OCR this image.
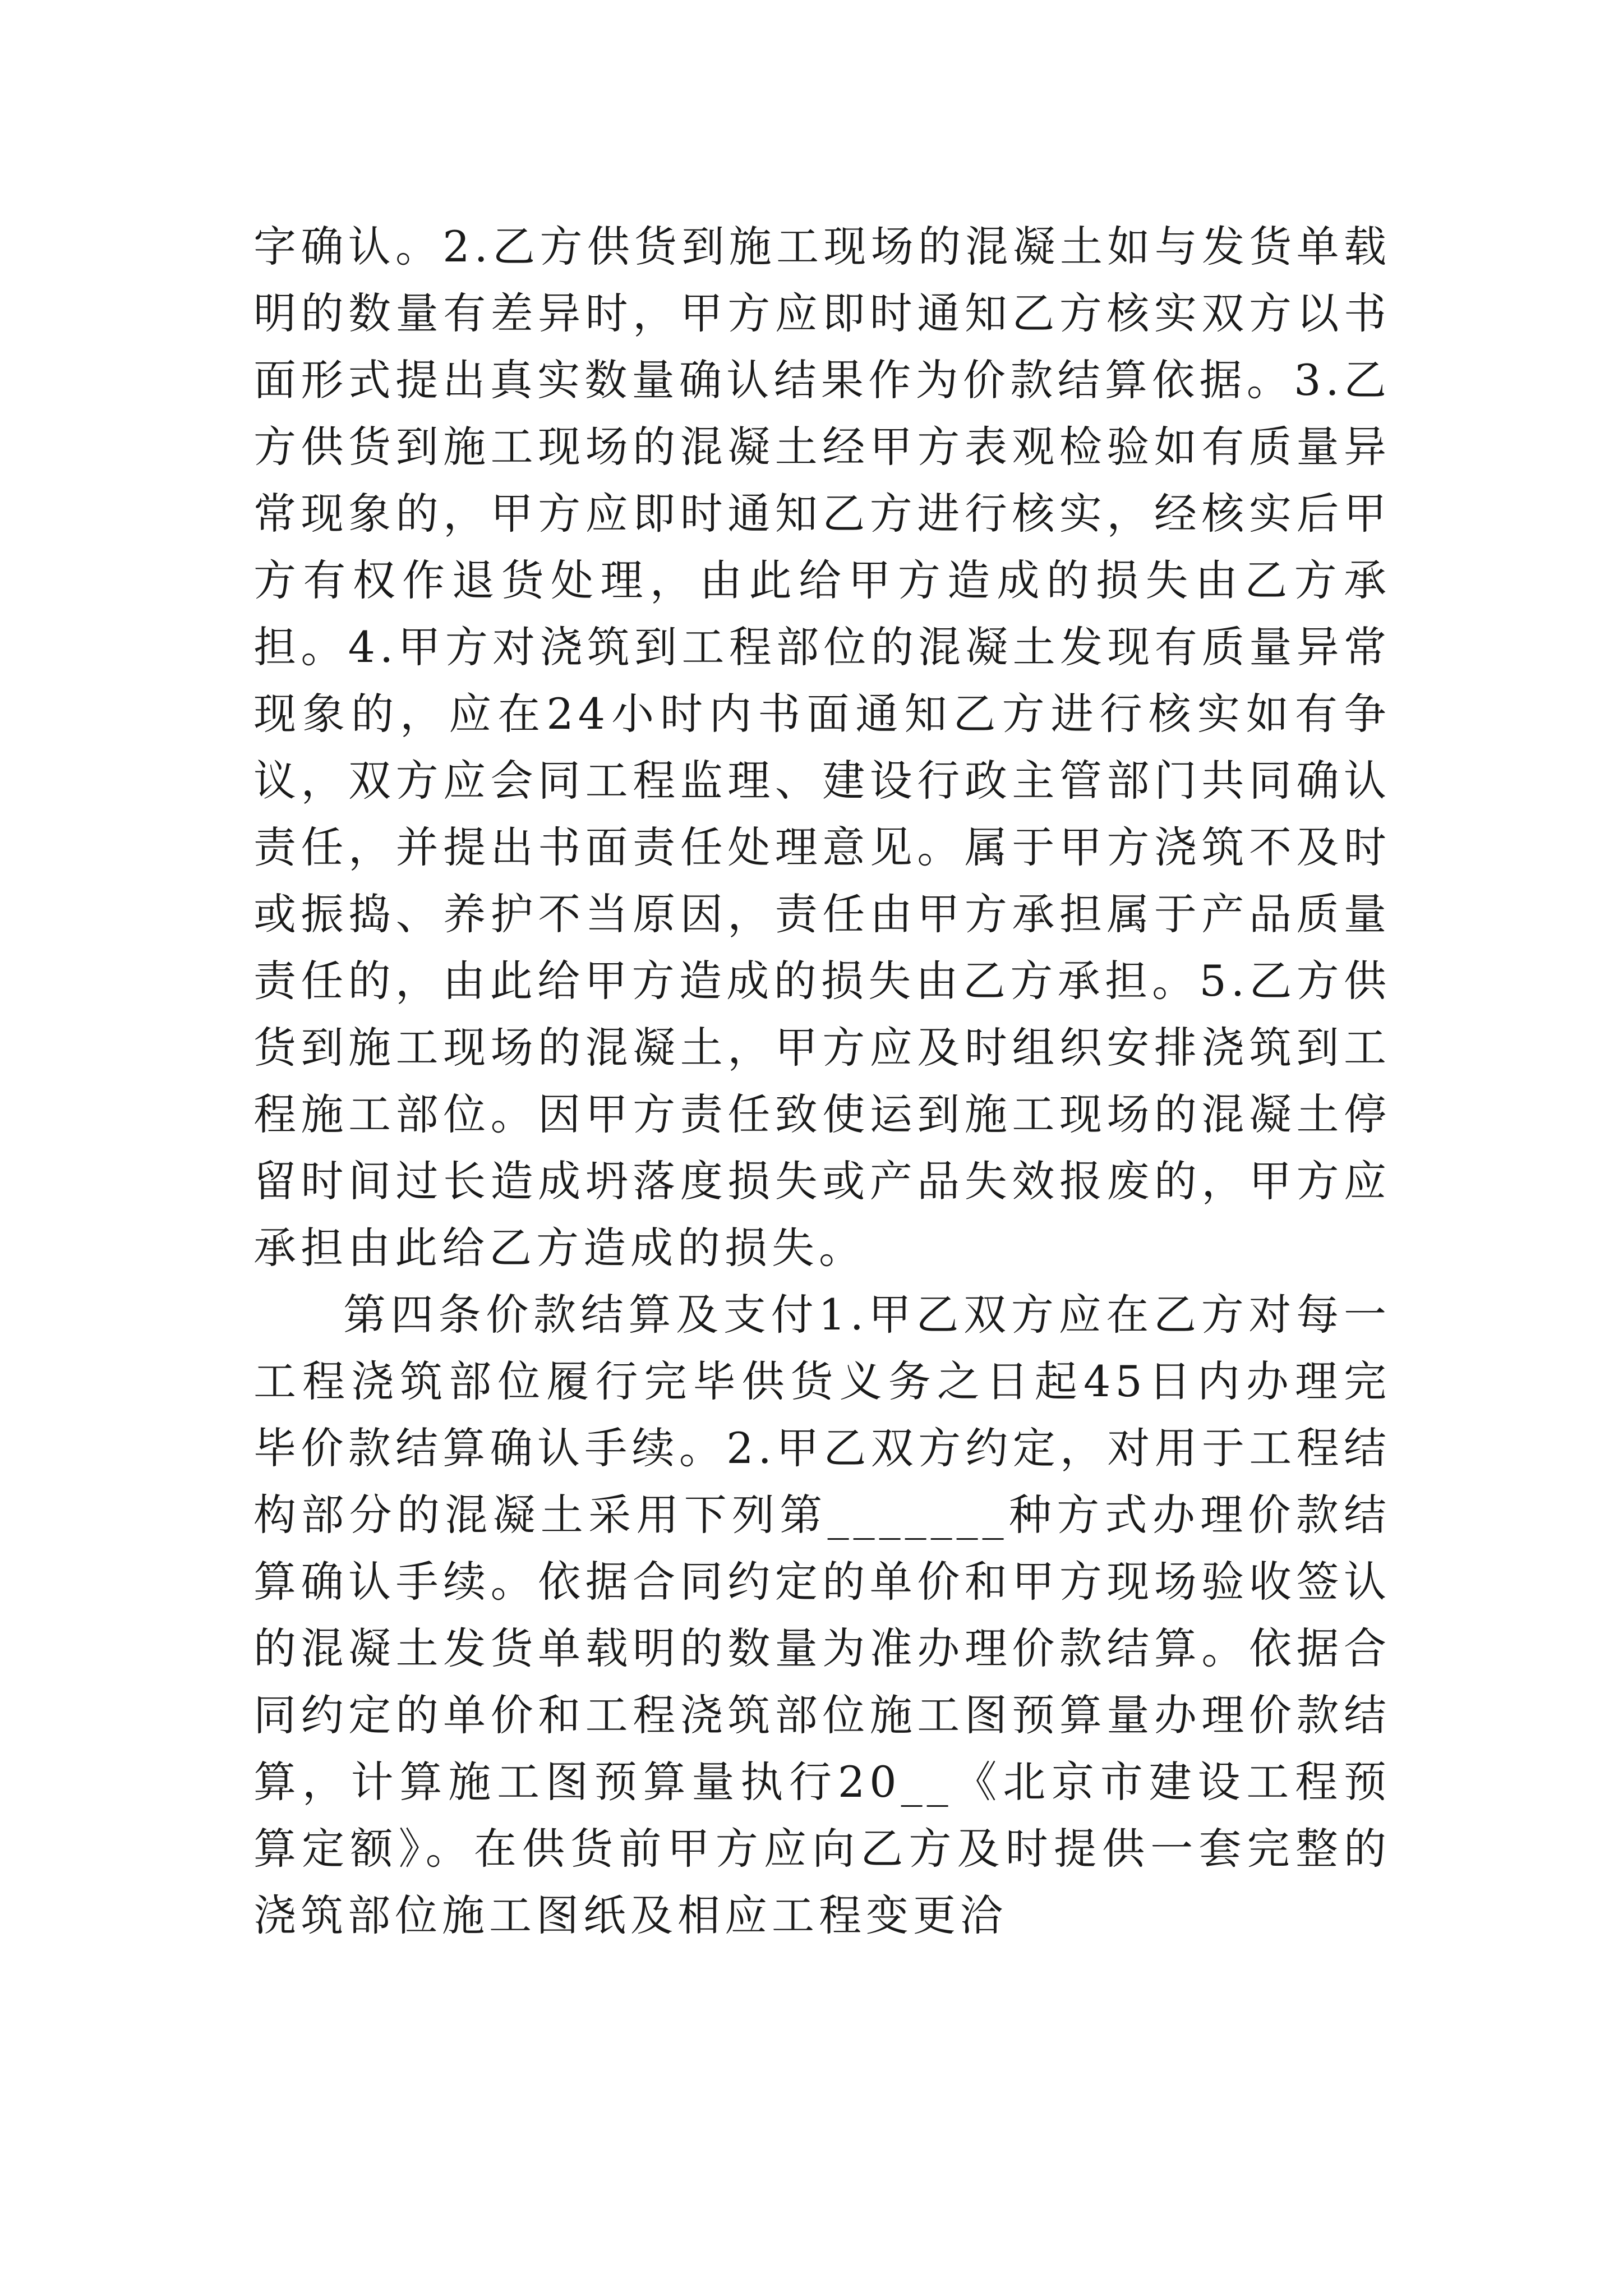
字确认。2.乙方供货到施工现场的混凝土如与发货单载明的数量有差异时，甲方应即时通知乙方核实双方以书面形式提出真实数量确认结果作为价款结算依据。3.乙方供货到施工现场的混凝土经甲方表观检验如有质量异常现象的，甲方应即时通知乙方进行核实，经核实后甲方有权作退货处理，由此给甲方造成的损失由乙方承担。4.甲方对浇筑到工程部位的混凝土发现有质量异常现象的，应在24小时内书面通知乙方进行核实如有争议，双方应会同工程监理、建设行政主管部门共同确认责任，并提出书面责任处理意见。属于甲方浇筑不及时或振捣、养护不当原因，责任由甲方承担属于产品质量责任的，由此给甲方造成的损失由乙方承担。5.乙方供货到施工现场的混凝土，甲方应及时组织安排浇筑到工程施工部位。因甲方责任致使运到施工现场的混凝土停留时间过长造成坍落度损失或产品失效报废的，甲方应承担由此给乙方造成的损失。

第四条价款结算及支付1.甲乙双方应在乙方对每一工程浇筑部位履行完毕供货义务之日起45日内办理完毕价款结算确认手续。2.甲乙双方约定，对用于工程结构部分的混凝土采用下列第_______种方式办理价款结算确认手续。依据合同约定的单价和甲方现场验收签认的混凝土发货单载明的数量为准办理价款结算。依据合同约定的单价和工程浇筑部位施工图预算量办理价款结算，计算施工图预算量执行20__《北京市建设工程预算定额》。在供货前甲方应向乙方及时提供一套完整的浇筑部位施工图纸及相应工程变更洽
